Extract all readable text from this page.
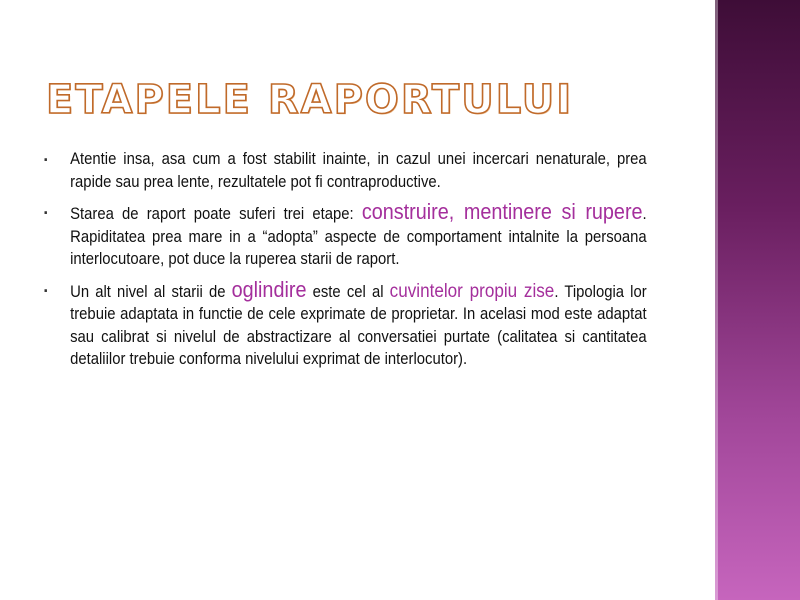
ETAPELE RAPORTULUI
▪ Atentie insa, asa cum a fost stabilit inainte, in cazul unei incercari nenaturale, prea rapide sau prea lente, rezultatele pot fi contraproductive.
▪ Starea de raport poate suferi trei etape: construire, mentinere si rupere. Rapiditatea prea mare in a “adopta” aspecte de comportament intalnite la persoana interlocutoare, pot duce la ruperea starii de raport.
▪ Un alt nivel al starii de oglindire este cel al cuvintelor propiu zise. Tipologia lor trebuie adaptata in functie de cele exprimate de proprietar. In acelasi mod este adaptat sau calibrat si nivelul de abstractizare al conversatiei purtate (calitatea si cantitatea detaliilor trebuie conforma nivelului exprimat de interlocutor).
